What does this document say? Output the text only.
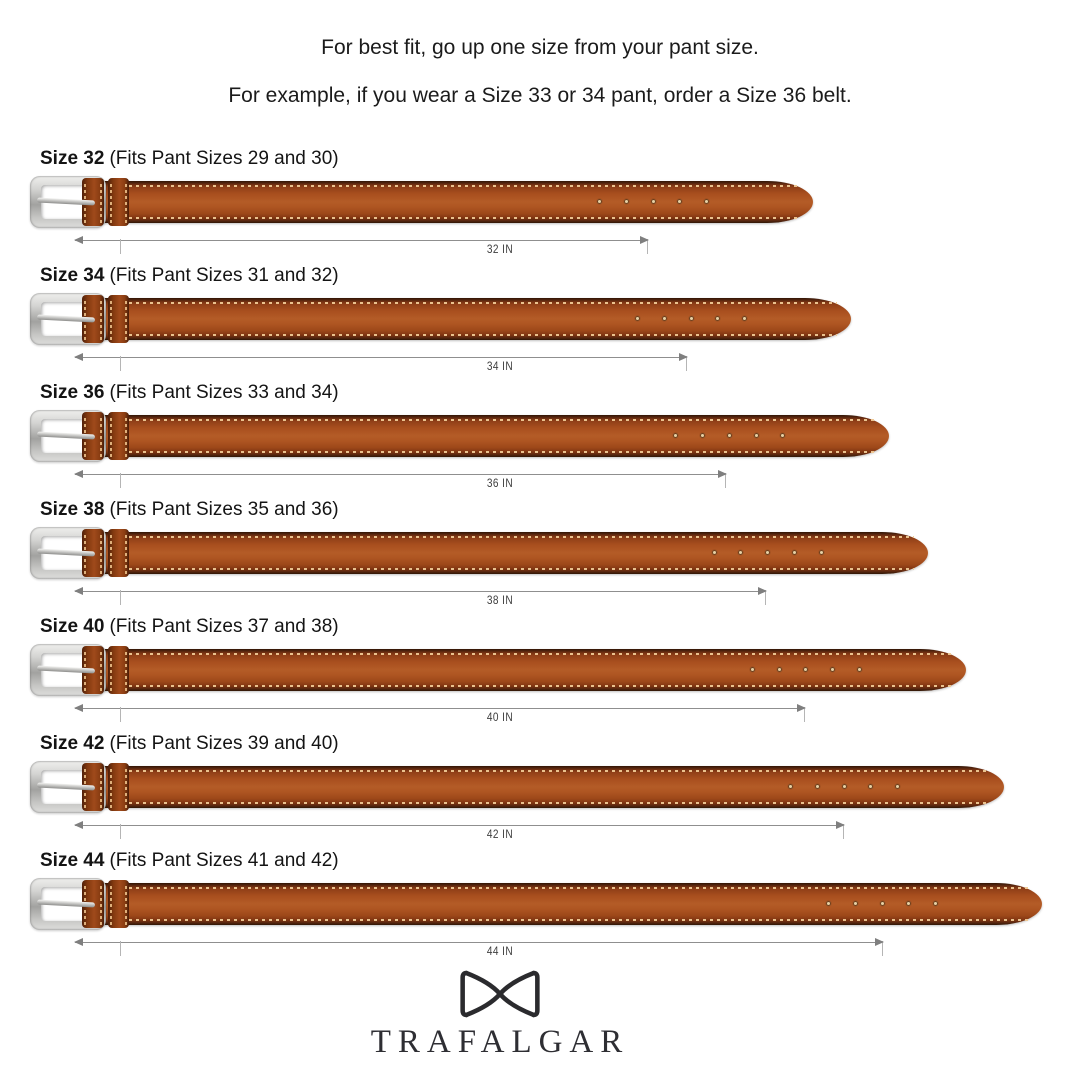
For best fit, go up one size from your pant size.
For example, if you wear a Size 33 or 34 pant, order a Size 36 belt.
Size 32 (Fits Pant Sizes 29 and 30)
32 IN
Size 34 (Fits Pant Sizes 31 and 32)
34 IN
Size 36 (Fits Pant Sizes 33 and 34)
36 IN
Size 38 (Fits Pant Sizes 35 and 36)
38 IN
Size 40 (Fits Pant Sizes 37 and 38)
40 IN
Size 42 (Fits Pant Sizes 39 and 40)
42 IN
Size 44 (Fits Pant Sizes 41 and 42)
44 IN
TRAFALGAR
